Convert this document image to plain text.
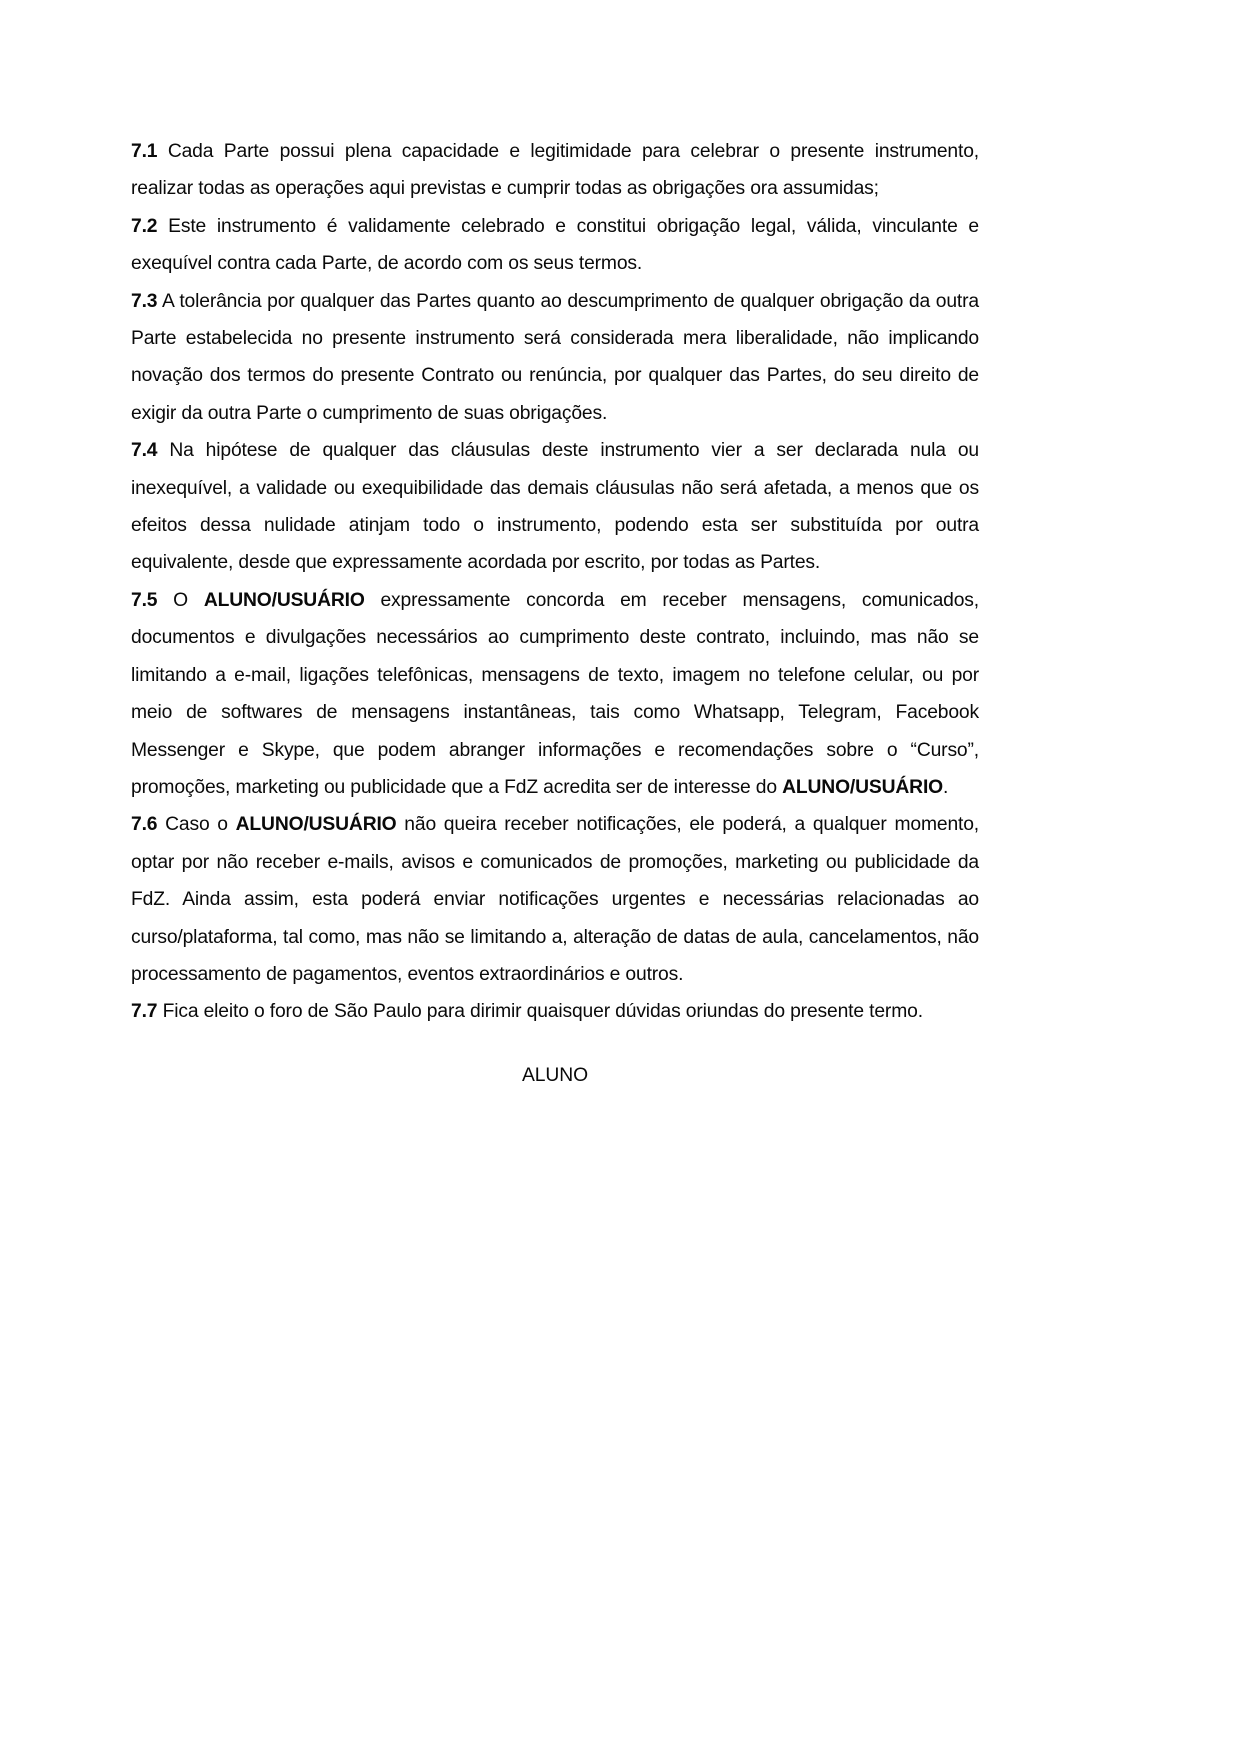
7.1 Cada Parte possui plena capacidade e legitimidade para celebrar o presente instrumento, realizar todas as operações aqui previstas e cumprir todas as obrigações ora assumidas;

7.2 Este instrumento é validamente celebrado e constitui obrigação legal, válida, vinculante e exequível contra cada Parte, de acordo com os seus termos.

7.3 A tolerância por qualquer das Partes quanto ao descumprimento de qualquer obrigação da outra Parte estabelecida no presente instrumento será considerada mera liberalidade, não implicando novação dos termos do presente Contrato ou renúncia, por qualquer das Partes, do seu direito de exigir da outra Parte o cumprimento de suas obrigações.

7.4 Na hipótese de qualquer das cláusulas deste instrumento vier a ser declarada nula ou inexequível, a validade ou exequibilidade das demais cláusulas não será afetada, a menos que os efeitos dessa nulidade atinjam todo o instrumento, podendo esta ser substituída por outra equivalente, desde que expressamente acordada por escrito, por todas as Partes.

7.5 O ALUNO/USUÁRIO expressamente concorda em receber mensagens, comunicados, documentos e divulgações necessários ao cumprimento deste contrato, incluindo, mas não se limitando a e-mail, ligações telefônicas, mensagens de texto, imagem no telefone celular, ou por meio de softwares de mensagens instantâneas, tais como Whatsapp, Telegram, Facebook Messenger e Skype, que podem abranger informações e recomendações sobre o “Curso”, promoções, marketing ou publicidade que a FdZ acredita ser de interesse do ALUNO/USUÁRIO.

7.6 Caso o ALUNO/USUÁRIO não queira receber notificações, ele poderá, a qualquer momento, optar por não receber e-mails, avisos e comunicados de promoções, marketing ou publicidade da FdZ. Ainda assim, esta poderá enviar notificações urgentes e necessárias relacionadas ao curso/plataforma, tal como, mas não se limitando a, alteração de datas de aula, cancelamentos, não processamento de pagamentos, eventos extraordinários e outros.

7.7 Fica eleito o foro de São Paulo para dirimir quaisquer dúvidas oriundas do presente termo.

ALUNO
